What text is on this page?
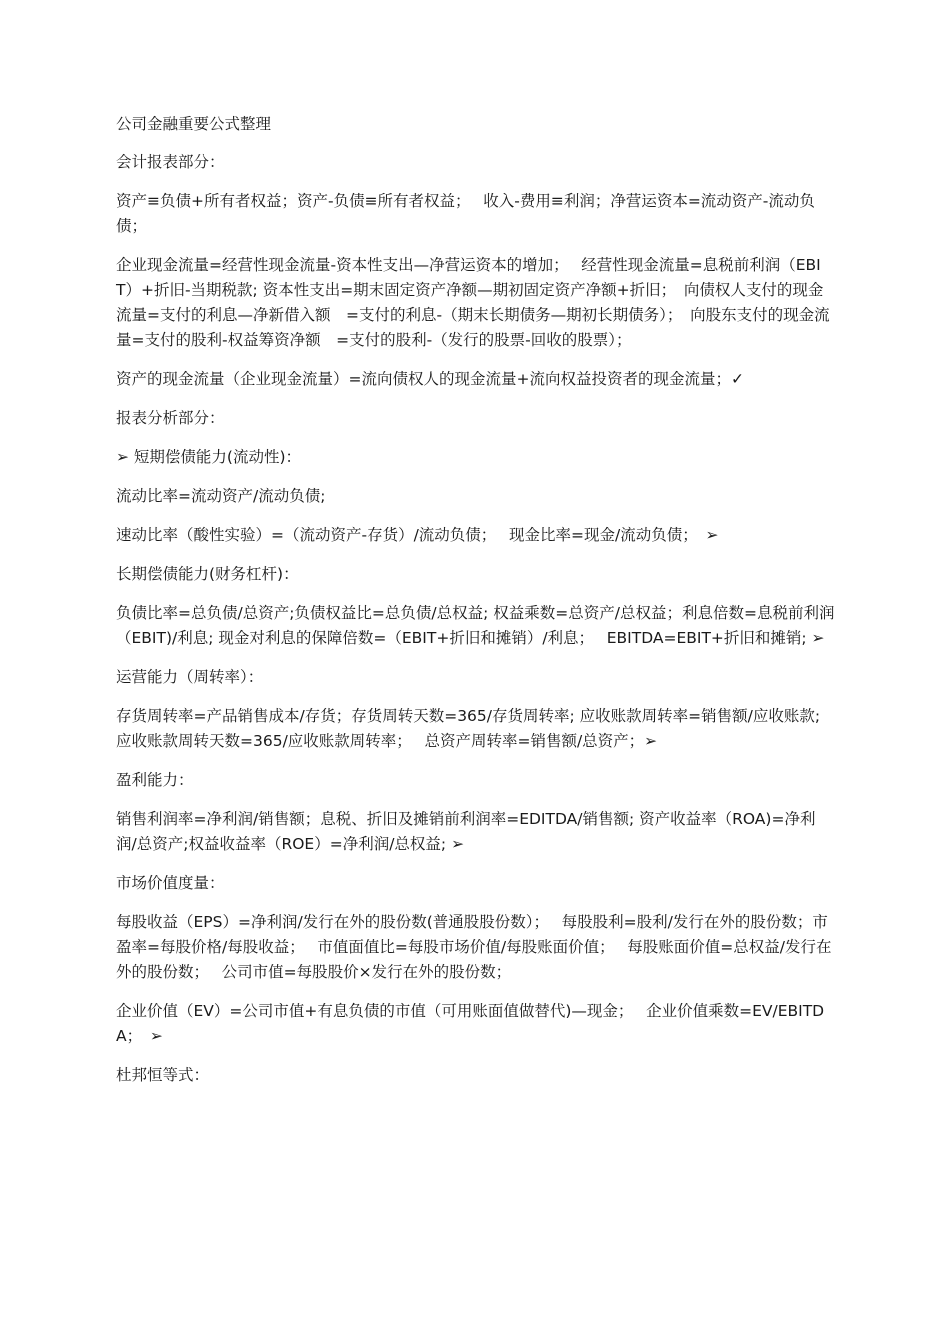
公司金融重要公式整理

会计报表部分：

资产≡负债+所有者权益；资产-负债≡所有者权益；　 收入-费用≡利润；净营运资本=流动资产-流动负债；

企业现金流量=经营性现金流量-资本性支出—净营运资本的增加；　 经营性现金流量=息税前利润（EBIT）+折旧-当期税款; 资本性支出=期末固定资产净额—期初固定资产净额+折旧；　向债权人支付的现金流量=支付的利息—净新借入额　=支付的利息-（期末长期债务—期初长期债务）；　向股东支付的现金流量=支付的股利-权益筹资净额　=支付的股利-（发行的股票-回收的股票）；

资产的现金流量（企业现金流量）=流向债权人的现金流量+流向权益投资者的现金流量；✓

报表分析部分：

➢ 短期偿债能力(流动性)：

流动比率=流动资产/流动负债;

速动比率（酸性实验）=（流动资产-存货）/流动负债；　 现金比率=现金/流动负债；　➢

长期偿债能力(财务杠杆)：

负债比率=总负债/总资产;负债权益比=总负债/总权益; 权益乘数=总资产/总权益；利息倍数=息税前利润（EBIT)/利息; 现金对利息的保障倍数=（EBIT+折旧和摊销）/利息；　 EBITDA=EBIT+折旧和摊销; ➢

运营能力（周转率）：

存货周转率=产品销售成本/存货；存货周转天数=365/存货周转率; 应收账款周转率=销售额/应收账款; 应收账款周转天数=365/应收账款周转率；　 总资产周转率=销售额/总资产；➢

盈利能力：

销售利润率=净利润/销售额；息税、折旧及摊销前利润率=EDITDA/销售额; 资产收益率（ROA)=净利润/总资产;权益收益率（ROE）=净利润/总权益; ➢

市场价值度量：

每股收益（EPS）=净利润/发行在外的股份数(普通股股份数）；　 每股股利=股利/发行在外的股份数；市盈率=每股价格/每股收益；　 市值面值比=每股市场价值/每股账面价值；　 每股账面价值=总权益/发行在外的股份数；　 公司市值=每股股价×发行在外的股份数；

企业价值（EV）=公司市值+有息负债的市值（可用账面值做替代)—现金；　 企业价值乘数=EV/EBITDA；　➢

杜邦恒等式：
